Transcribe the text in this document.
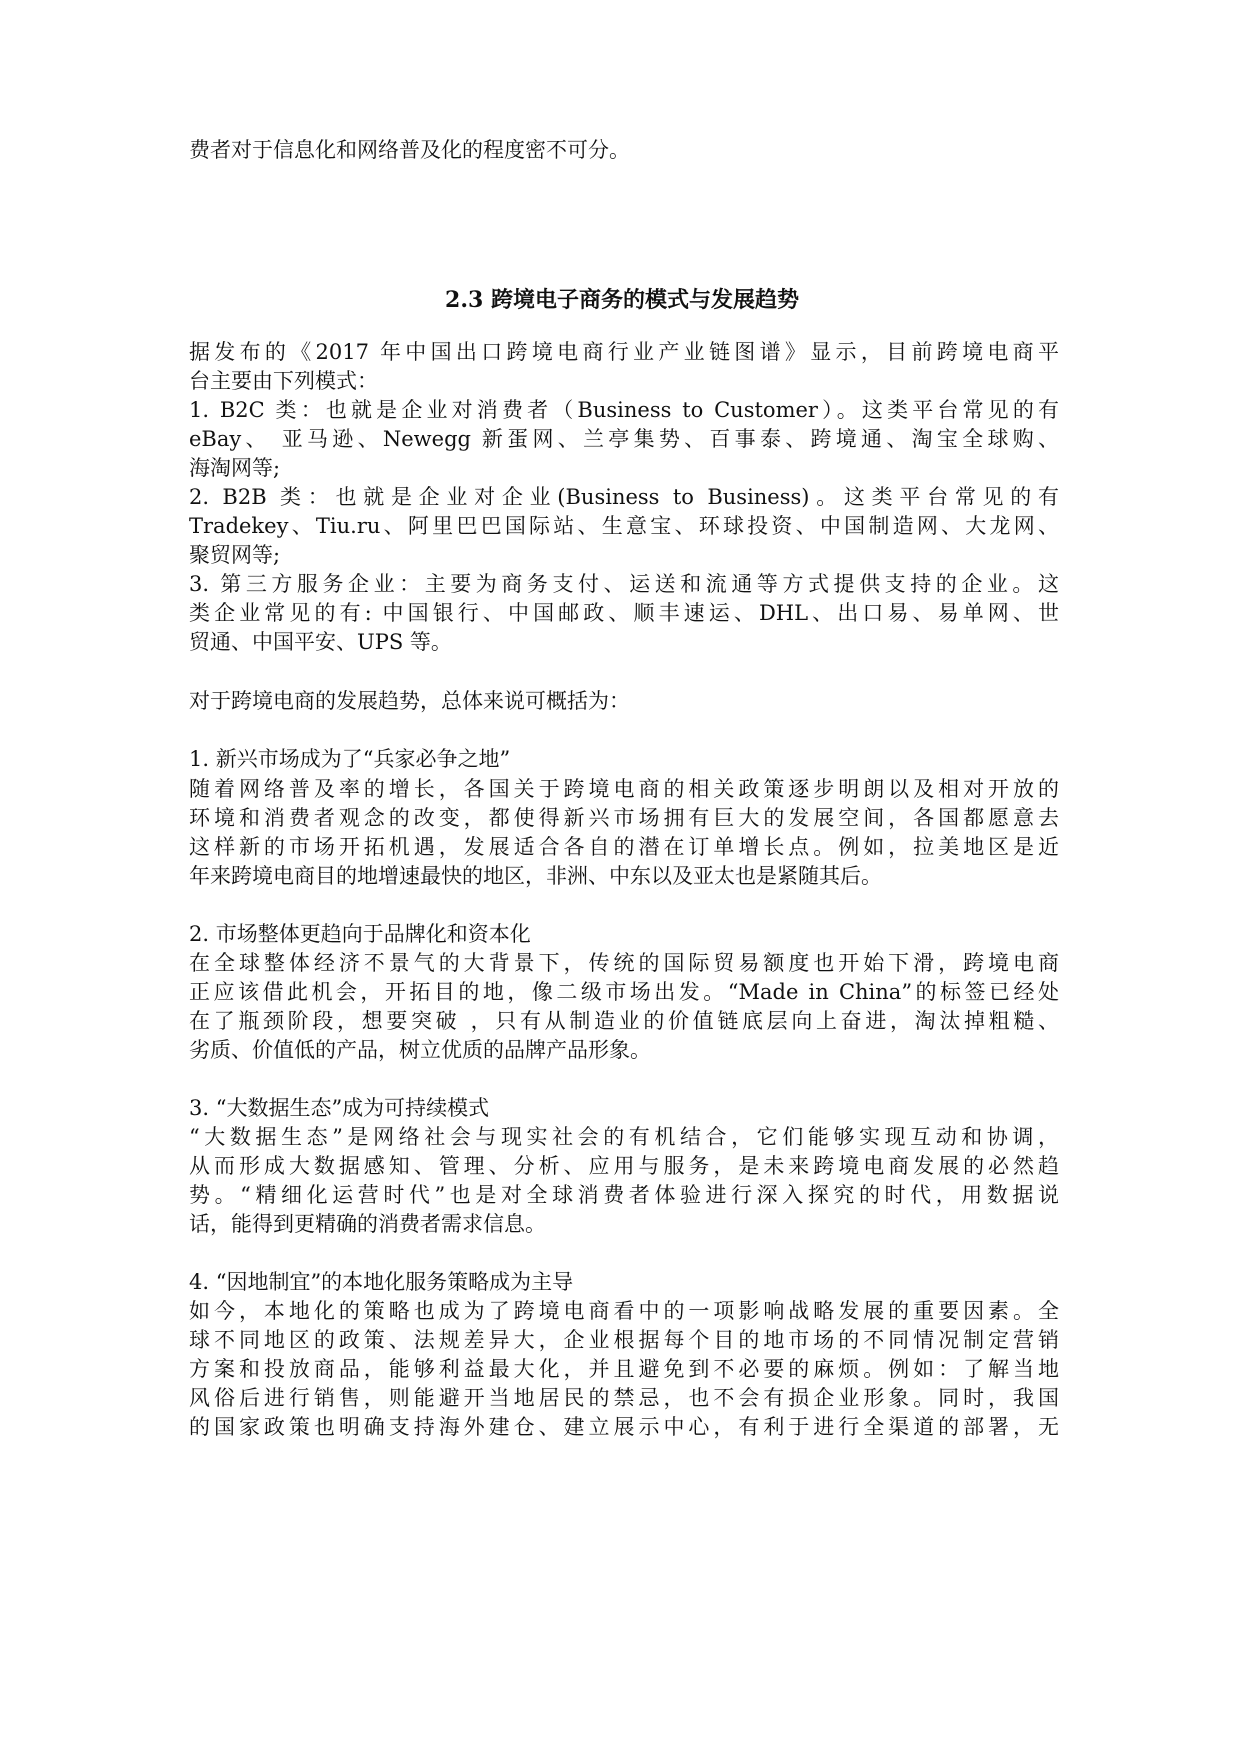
费者对于信息化和网络普及化的程度密不可分。
2.3 跨境电子商务的模式与发展趋势
据发布的《2017 年中国出口跨境电商行业产业链图谱》显示，目前跨境电商平
台主要由下列模式：
1. B2C 类：也就是企业对消费者（Business to Customer）。这类平台常见的有
eBay、 亚马逊、Newegg 新蛋网、兰亭集势、百事泰、跨境通、淘宝全球购、
海淘网等;
2. B2B 类：也就是企业对企业(Business to Business)。这类平台常见的有
Tradekey、Tiu.ru、阿里巴巴国际站、生意宝、环球投资、中国制造网、大龙网、
聚贸网等;
3. 第三方服务企业：主要为商务支付、运送和流通等方式提供支持的企业。这
类企业常见的有: 中国银行、中国邮政、顺丰速运、DHL、出口易、易单网、世
贸通、中国平安、UPS 等。
对于跨境电商的发展趋势，总体来说可概括为：
1. 新兴市场成为了“兵家必争之地”
随着网络普及率的增长，各国关于跨境电商的相关政策逐步明朗以及相对开放的
环境和消费者观念的改变，都使得新兴市场拥有巨大的发展空间，各国都愿意去
这样新的市场开拓机遇，发展适合各自的潜在订单增长点。例如，拉美地区是近
年来跨境电商目的地增速最快的地区，非洲、中东以及亚太也是紧随其后。
2. 市场整体更趋向于品牌化和资本化
在全球整体经济不景气的大背景下，传统的国际贸易额度也开始下滑，跨境电商
正应该借此机会，开拓目的地，像二级市场出发。“Made in China”的标签已经处
在了瓶颈阶段，想要突破 ，只有从制造业的价值链底层向上奋进，淘汰掉粗糙、
劣质、价值低的产品，树立优质的品牌产品形象。
3. “大数据生态”成为可持续模式
“大数据生态”是网络社会与现实社会的有机结合，它们能够实现互动和协调，
从而形成大数据感知、管理、分析、应用与服务，是未来跨境电商发展的必然趋
势。“精细化运营时代”也是对全球消费者体验进行深入探究的时代，用数据说
话，能得到更精确的消费者需求信息。
4. “因地制宜”的本地化服务策略成为主导
如今，本地化的策略也成为了跨境电商看中的一项影响战略发展的重要因素。全
球不同地区的政策、法规差异大，企业根据每个目的地市场的不同情况制定营销
方案和投放商品，能够利益最大化，并且避免到不必要的麻烦。例如：了解当地
风俗后进行销售，则能避开当地居民的禁忌，也不会有损企业形象。同时，我国
的国家政策也明确支持海外建仓、建立展示中心，有利于进行全渠道的部署，无
